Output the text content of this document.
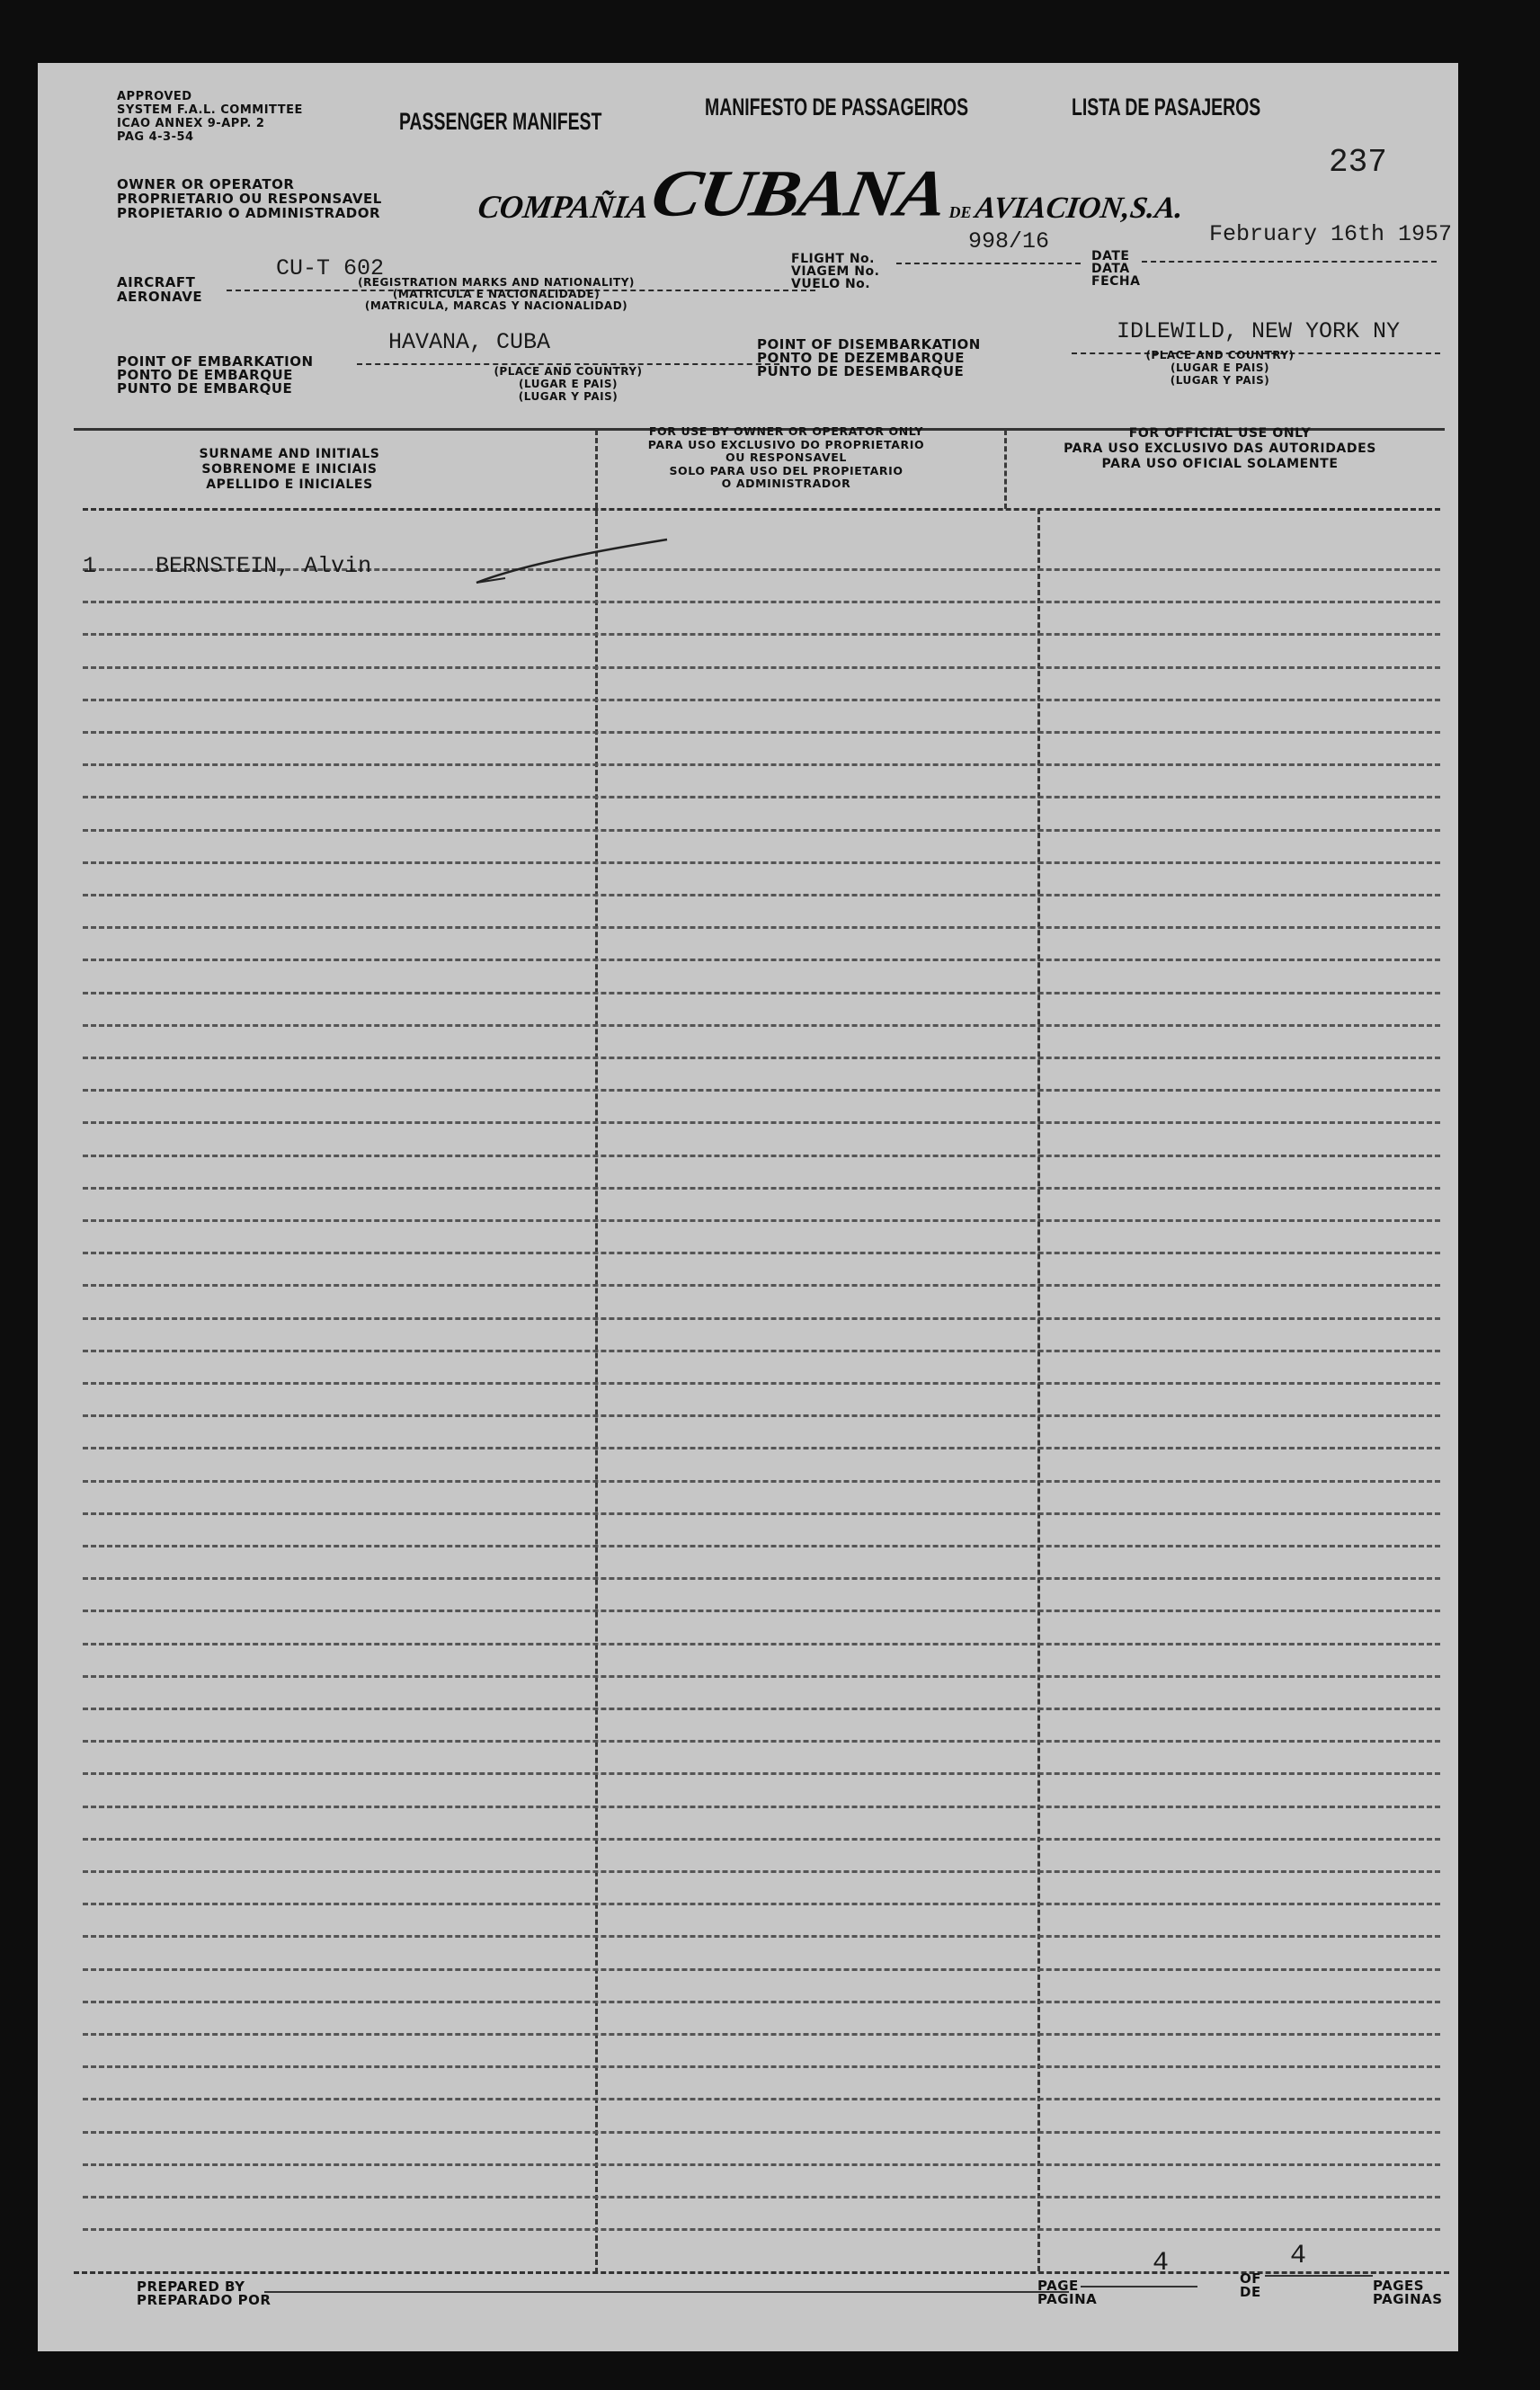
APPROVED
SYSTEM F.A.L. COMMITTEE
ICAO ANNEX 9-APP. 2
PAG 4-3-54
PASSENGER MANIFEST
MANIFESTO DE PASSAGEIROS	LISTA DE PASAJEROS
OWNER OR OPERATOR
PROPRIETARIO OU RESPONSAVEL
PROPIETARIO O ADMINISTRADOR	COMPAÑIA CUBANA DE AVIACION,S.A.
237
AIRCRAFT
AERONAVE
CU-T 602
(REGISTRATION MARKS AND NATIONALITY)
(MATRICULA E NACIONALIDADE)
(MATRICULA, MARCAS Y NACIONALIDAD)
FLIGHT No.
VIAGEM No.
VUELO No.
998/16
DATE
DATA
FECHA
February 16th 1957
POINT OF EMBARKATION
PONTO DE EMBARQUE
PUNTO DE EMBARQUE
HAVANA, CUBA
(PLACE AND COUNTRY)
(LUGAR E PAIS)
(LUGAR Y PAIS)
POINT OF DISEMBARKATION
PONTO DE DEZEMBARQUE
PUNTO DE DESEMBARQUE
IDLEWILD, NEW YORK NY
(PLACE AND COUNTRY)
(LUGAR E PAIS)
(LUGAR Y PAIS)
SURNAME AND INITIALS
SOBRENOME E INICIAIS
APELLIDO E INICIALES
FOR USE BY OWNER OR OPERATOR ONLY
PARA USO EXCLUSIVO DO PROPRIETARIO
OU RESPONSAVEL
SOLO PARA USO DEL PROPIETARIO
O ADMINISTRADOR
FOR OFFICIAL USE ONLY
PARA USO EXCLUSIVO DAS AUTORIDADES
PARA USO OFICIAL SOLAMENTE
1	BERNSTEIN, Alvin
PREPARED BY
PREPARADO POR
PAGE
PAGINA
4	OF
DE
4
PAGES
PAGINAS
